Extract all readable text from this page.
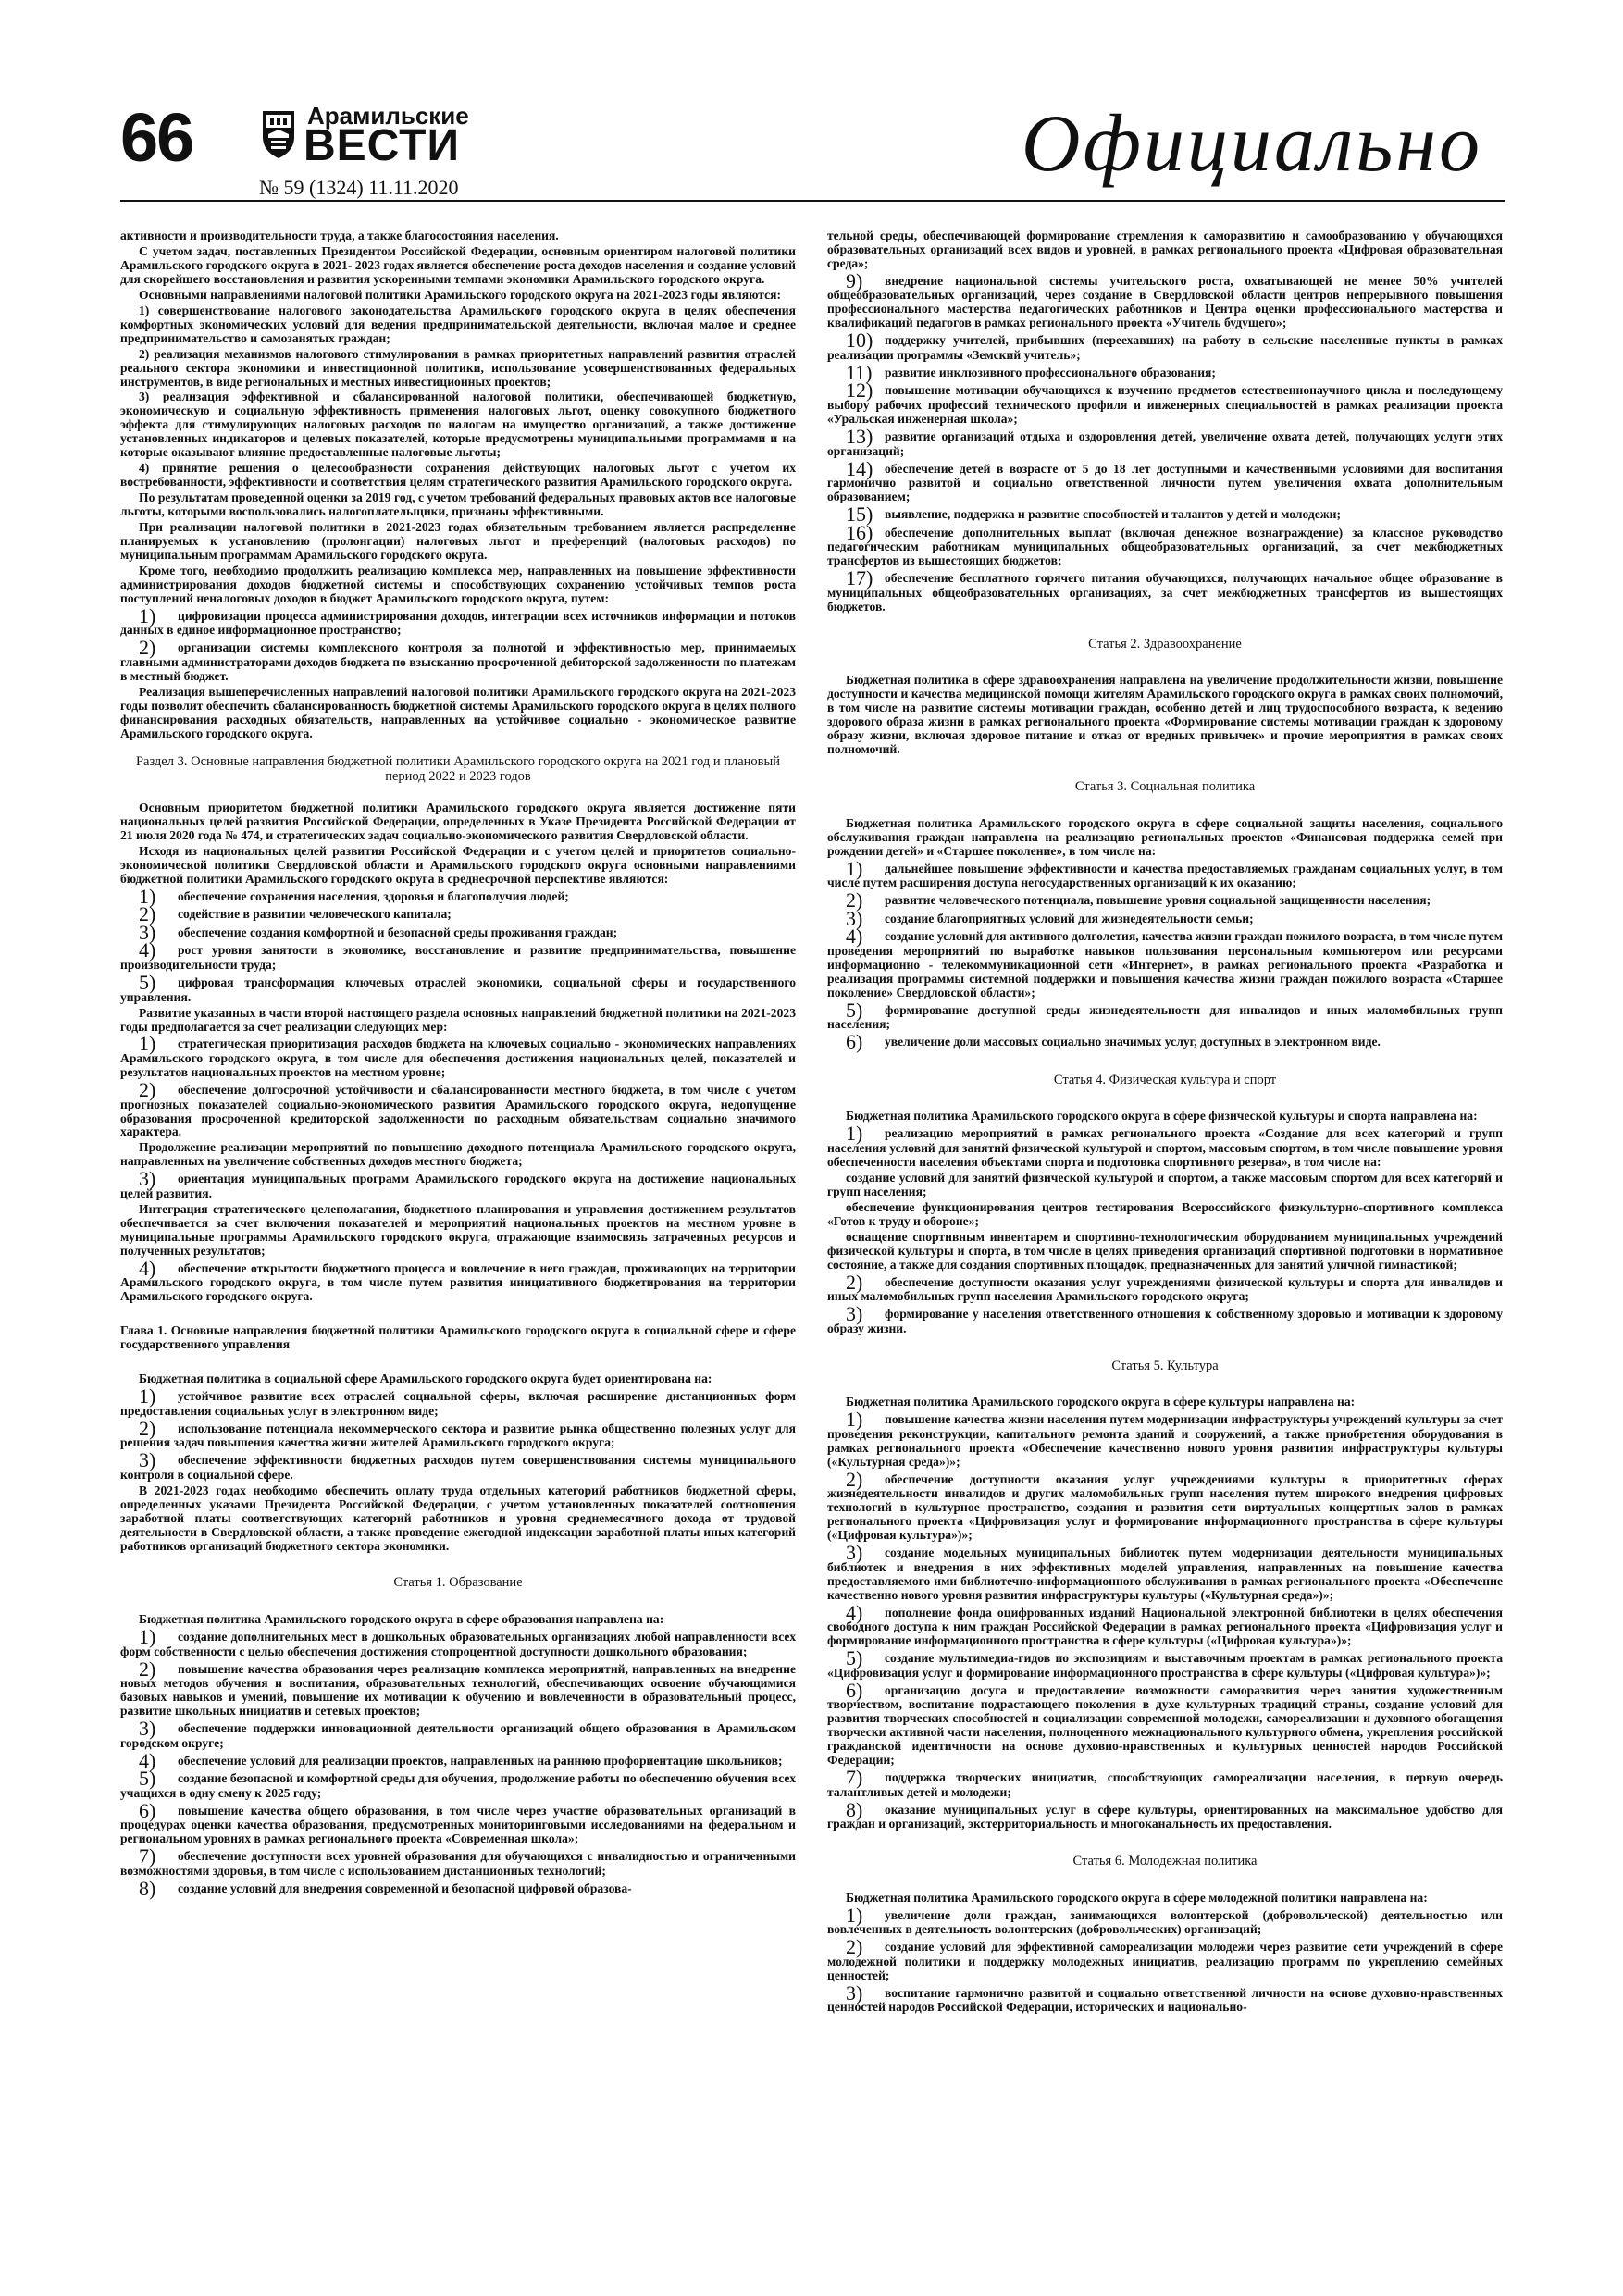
66	Арамильские
ВЕСТИ
№ 59 (1324) 11.11.2020	Официально

активности и производительности труда, а также благосостояния населения.

С учетом задач, поставленных Президентом Российской Федерации, основным ориентиром налоговой политики Арамильского городского округа в 2021- 2023 годах является обеспечение роста доходов населения и создание условий для скорейшего восстановления и развития ускоренными темпами экономики Арамильского городского округа.

Основными направлениями налоговой политики Арамильского городского округа на 2021-2023 годы являются:

1) совершенствование налогового законодательства Арамильского городского округа в целях обеспечения комфортных экономических условий для ведения предпринимательской деятельности, включая малое и среднее предпринимательство и самозанятых граждан;

2) реализация механизмов налогового стимулирования в рамках приоритетных направлений развития отраслей реального сектора экономики и инвестиционной политики, использование усовершенствованных федеральных инструментов, в виде региональных и местных инвестиционных проектов;

3) реализация эффективной и сбалансированной налоговой политики, обеспечивающей бюджетную, экономическую и социальную эффективность применения налоговых льгот, оценку совокупного бюджетного эффекта для стимулирующих налоговых расходов по налогам на имущество организаций, а также достижение установленных индикаторов и целевых показателей, которые предусмотрены муниципальными программами и на которые оказывают влияние предоставленные налоговые льготы;

4) принятие решения о целесообразности сохранения действующих налоговых льгот с учетом их востребованности, эффективности и соответствия целям стратегического развития Арамильского городского округа.

По результатам проведенной оценки за 2019 год, с учетом требований федеральных правовых актов все налоговые льготы, которыми воспользовались налогоплательщики, признаны эффективными.

При реализации налоговой политики в 2021-2023 годах обязательным требованием является распределение планируемых к установлению (пролонгации) налоговых льгот и преференций (налоговых расходов) по муниципальным программам Арамильского городского округа.

Кроме того, необходимо продолжить реализацию комплекса мер, направленных на повышение эффективности администрирования доходов бюджетной системы и способствующих сохранению устойчивых темпов роста поступлений неналоговых доходов в бюджет Арамильского городского округа, путем:

1) цифровизации процесса администрирования доходов, интеграции всех источников информации и потоков данных в единое информационное пространство;

2) организации системы комплексного контроля за полнотой и эффективностью мер, принимаемых главными администраторами доходов бюджета по взысканию просроченной дебиторской задолженности по платежам в местный бюджет.

Реализация вышеперечисленных направлений налоговой политики Арамильского городского округа на 2021-2023 годы позволит обеспечить сбалансированность бюджетной системы Арамильского городского округа в целях полного финансирования расходных обязательств, направленных на устойчивое социально - экономическое развитие Арамильского городского округа.

Раздел 3. Основные направления бюджетной политики Арамильского городского округа на 2021 год и плановый период 2022 и 2023 годов

Основным приоритетом бюджетной политики Арамильского городского округа является достижение пяти национальных целей развития Российской Федерации, определенных в Указе Президента Российской Федерации от 21 июля 2020 года № 474, и стратегических задач социально-экономического развития Свердловской области.

Исходя из национальных целей развития Российской Федерации и с учетом целей и приоритетов социально-экономической политики Свердловской области и Арамильского городского округа основными направлениями бюджетной политики Арамильского городского округа в среднесрочной перспективе являются:

1) обеспечение сохранения населения, здоровья и благополучия людей;

2) содействие в развитии человеческого капитала;

3) обеспечение создания комфортной и безопасной среды проживания граждан;

4) рост уровня занятости в экономике, восстановление и развитие предпринимательства, повышение производительности труда;

5) цифровая трансформация ключевых отраслей экономики, социальной сферы и государственного управления.

Развитие указанных в части второй настоящего раздела основных направлений бюджетной политики на 2021-2023 годы предполагается за счет реализации следующих мер:

1) стратегическая приоритизация расходов бюджета на ключевых социально - экономических направлениях Арамильского городского округа, в том числе для обеспечения достижения национальных целей, показателей и результатов национальных проектов на местном уровне;

2) обеспечение долгосрочной устойчивости и сбалансированности местного бюджета, в том числе с учетом прогнозных показателей социально-экономического развития Арамильского городского округа, недопущение образования просроченной кредиторской задолженности по расходным обязательствам социально значимого характера.

Продолжение реализации мероприятий по повышению доходного потенциала Арамильского городского округа, направленных на увеличение собственных доходов местного бюджета;

3) ориентация муниципальных программ Арамильского городского округа на достижение национальных целей развития.

Интеграция стратегического целеполагания, бюджетного планирования и управления достижением результатов обеспечивается за счет включения показателей и мероприятий национальных проектов на местном уровне в муниципальные программы Арамильского городского округа, отражающие взаимосвязь затраченных ресурсов и полученных результатов;

4) обеспечение открытости бюджетного процесса и вовлечение в него граждан, проживающих на территории Арамильского городского округа, в том числе путем развития инициативного бюджетирования на территории Арамильского городского округа.

Глава 1. Основные направления бюджетной политики Арамильского городского округа в социальной сфере и сфере государственного управления

Бюджетная политика в социальной сфере Арамильского городского округа будет ориентирована на:

1) устойчивое развитие всех отраслей социальной сферы, включая расширение дистанционных форм предоставления социальных услуг в электронном виде;

2) использование потенциала некоммерческого сектора и развитие рынка общественно полезных услуг для решения задач повышения качества жизни жителей Арамильского городского округа;

3) обеспечение эффективности бюджетных расходов путем совершенствования системы муниципального контроля в социальной сфере.

В 2021-2023 годах необходимо обеспечить оплату труда отдельных категорий работников бюджетной сферы, определенных указами Президента Российской Федерации, с учетом установленных показателей соотношения заработной платы соответствующих категорий работников и уровня среднемесячного дохода от трудовой деятельности в Свердловской области, а также проведение ежегодной индексации заработной платы иных категорий работников организаций бюджетного сектора экономики.

Статья 1. Образование

Бюджетная политика Арамильского городского округа в сфере образования направлена на:

1) создание дополнительных мест в дошкольных образовательных организациях любой направленности всех форм собственности с целью обеспечения достижения стопроцентной доступности дошкольного образования;

2) повышение качества образования через реализацию комплекса мероприятий, направленных на внедрение новых методов обучения и воспитания, образовательных технологий, обеспечивающих освоение обучающимися базовых навыков и умений, повышение их мотивации к обучению и вовлеченности в образовательный процесс, развитие школьных инициатив и сетевых проектов;

3) обеспечение поддержки инновационной деятельности организаций общего образования в Арамильском городском округе;

4) обеспечение условий для реализации проектов, направленных на раннюю профориентацию школьников;

5) создание безопасной и комфортной среды для обучения, продолжение работы по обеспечению обучения всех учащихся в одну смену к 2025 году;

6) повышение качества общего образования, в том числе через участие образовательных организаций в процедурах оценки качества образования, предусмотренных мониторинговыми исследованиями на федеральном и региональном уровнях в рамках регионального проекта «Современная школа»;

7) обеспечение доступности всех уровней образования для обучающихся с инвалидностью и ограниченными возможностями здоровья, в том числе с использованием дистанционных технологий;

8) создание условий для внедрения современной и безопасной цифровой образова-

тельной среды, обеспечивающей формирование стремления к саморазвитию и самообразованию у обучающихся образовательных организаций всех видов и уровней, в рамках регионального проекта «Цифровая образовательная среда»;

9) внедрение национальной системы учительского роста, охватывающей не менее 50% учителей общеобразовательных организаций, через создание в Свердловской области центров непрерывного повышения профессионального мастерства педагогических работников и Центра оценки профессионального мастерства и квалификаций педагогов в рамках регионального проекта «Учитель будущего»;

10) поддержку учителей, прибывших (переехавших) на работу в сельские населенные пункты в рамках реализации программы «Земский учитель»;

11) развитие инклюзивного профессионального образования;

12) повышение мотивации обучающихся к изучению предметов естественнонаучного цикла и последующему выбору рабочих профессий технического профиля и инженерных специальностей в рамках реализации проекта «Уральская инженерная школа»;

13) развитие организаций отдыха и оздоровления детей, увеличение охвата детей, получающих услуги этих организаций;

14) обеспечение детей в возрасте от 5 до 18 лет доступными и качественными условиями для воспитания гармонично развитой и социально ответственной личности путем увеличения охвата дополнительным образованием;

15) выявление, поддержка и развитие способностей и талантов у детей и молодежи;

16) обеспечение дополнительных выплат (включая денежное вознаграждение) за классное руководство педагогическим работникам муниципальных общеобразовательных организаций, за счет межбюджетных трансфертов из вышестоящих бюджетов;

17) обеспечение бесплатного горячего питания обучающихся, получающих начальное общее образование в муниципальных общеобразовательных организациях, за счет межбюджетных трансфертов из вышестоящих бюджетов.

Статья 2. Здравоохранение

Бюджетная политика в сфере здравоохранения направлена на увеличение продолжительности жизни, повышение доступности и качества медицинской помощи жителям Арамильского городского округа в рамках своих полномочий, в том числе на развитие системы мотивации граждан, особенно детей и лиц трудоспособного возраста, к ведению здорового образа жизни в рамках регионального проекта «Формирование системы мотивации граждан к здоровому образу жизни, включая здоровое питание и отказ от вредных привычек» и прочие мероприятия в рамках своих полномочий.

Статья 3. Социальная политика

Бюджетная политика Арамильского городского округа в сфере социальной защиты населения, социального обслуживания граждан направлена на реализацию региональных проектов «Финансовая поддержка семей при рождении детей» и «Старшее поколение», в том числе на:

1) дальнейшее повышение эффективности и качества предоставляемых гражданам социальных услуг, в том числе путем расширения доступа негосударственных организаций к их оказанию;

2) развитие человеческого потенциала, повышение уровня социальной защищенности населения;

3) создание благоприятных условий для жизнедеятельности семьи;

4) создание условий для активного долголетия, качества жизни граждан пожилого возраста, в том числе путем проведения мероприятий по выработке навыков пользования персональным компьютером или ресурсами информационно - телекоммуникационной сети «Интернет», в рамках регионального проекта «Разработка и реализация программы системной поддержки и повышения качества жизни граждан пожилого возраста «Старшее поколение» Свердловской области»;

5) формирование доступной среды жизнедеятельности для инвалидов и иных маломобильных групп населения;

6) увеличение доли массовых социально значимых услуг, доступных в электронном виде.

Статья 4. Физическая культура и спорт

Бюджетная политика Арамильского городского округа в сфере физической культуры и спорта направлена на:

1) реализацию мероприятий в рамках регионального проекта «Создание для всех категорий и групп населения условий для занятий физической культурой и спортом, массовым спортом, в том числе повышение уровня обеспеченности населения объектами спорта и подготовка спортивного резерва», в том числе на:

создание условий для занятий физической культурой и спортом, а также массовым спортом для всех категорий и групп населения;

обеспечение функционирования центров тестирования Всероссийского физкультурно-спортивного комплекса «Готов к труду и обороне»;

оснащение спортивным инвентарем и спортивно-технологическим оборудованием муниципальных учреждений физической культуры и спорта, в том числе в целях приведения организаций спортивной подготовки в нормативное состояние, а также для создания спортивных площадок, предназначенных для занятий уличной гимнастикой;

2) обеспечение доступности оказания услуг учреждениями физической культуры и спорта для инвалидов и иных маломобильных групп населения Арамильского городского округа;

3) формирование у населения ответственного отношения к собственному здоровью и мотивации к здоровому образу жизни.

Статья 5. Культура

Бюджетная политика Арамильского городского округа в сфере культуры направлена на:

1) повышение качества жизни населения путем модернизации инфраструктуры учреждений культуры за счет проведения реконструкции, капитального ремонта зданий и сооружений, а также приобретения оборудования в рамках регионального проекта «Обеспечение качественно нового уровня развития инфраструктуры культуры («Культурная среда»)»;

2) обеспечение доступности оказания услуг учреждениями культуры в приоритетных сферах жизнедеятельности инвалидов и других маломобильных групп населения путем широкого внедрения цифровых технологий в культурное пространство, создания и развития сети виртуальных концертных залов в рамках регионального проекта «Цифровизация услуг и формирование информационного пространства в сфере культуры («Цифровая культура»)»;

3) создание модельных муниципальных библиотек путем модернизации деятельности муниципальных библиотек и внедрения в них эффективных моделей управления, направленных на повышение качества предоставляемого ими библиотечно-информационного обслуживания в рамках регионального проекта «Обеспечение качественно нового уровня развития инфраструктуры культуры («Культурная среда»)»;

4) пополнение фонда оцифрованных изданий Национальной электронной библиотеки в целях обеспечения свободного доступа к ним граждан Российской Федерации в рамках регионального проекта «Цифровизация услуг и формирование информационного пространства в сфере культуры («Цифровая культура»)»;

5) создание мультимедиа-гидов по экспозициям и выставочным проектам в рамках регионального проекта «Цифровизация услуг и формирование информационного пространства в сфере культуры («Цифровая культура»)»;

6) организацию досуга и предоставление возможности саморазвития через занятия художественным творчеством, воспитание подрастающего поколения в духе культурных традиций страны, создание условий для развития творческих способностей и социализации современной молодежи, самореализации и духовного обогащения творчески активной части населения, полноценного межнационального культурного обмена, укрепления российской гражданской идентичности на основе духовно-нравственных и культурных ценностей народов Российской Федерации;

7) поддержка творческих инициатив, способствующих самореализации населения, в первую очередь талантливых детей и молодежи;

8) оказание муниципальных услуг в сфере культуры, ориентированных на максимальное удобство для граждан и организаций, экстерриториальность и многоканальность их предоставления.

Статья 6. Молодежная политика

Бюджетная политика Арамильского городского округа в сфере молодежной политики направлена на:

1) увеличение доли граждан, занимающихся волонтерской (добровольческой) деятельностью или вовлеченных в деятельность волонтерских (добровольческих) организаций;

2) создание условий для эффективной самореализации молодежи через развитие сети учреждений в сфере молодежной политики и поддержку молодежных инициатив, реализацию программ по укреплению семейных ценностей;

3) воспитание гармонично развитой и социально ответственной личности на основе духовно-нравственных ценностей народов Российской Федерации, исторических и национально-
